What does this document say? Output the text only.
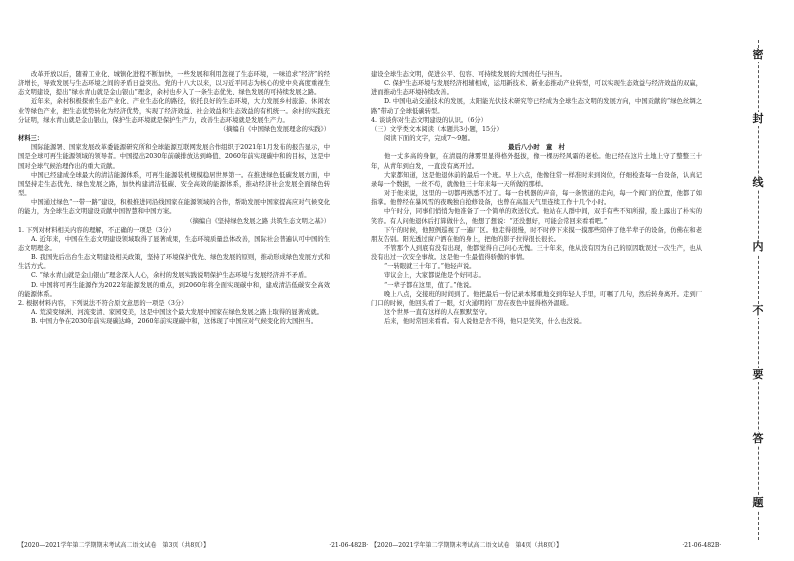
改革开放以后，随着工业化、城镇化进程不断加快，一些发展和利用忽视了生态环境，一味追求“经济”的经济增长，导致发展与生态环境之间的矛盾日益突出。党的十八大以来，以习近平同志为核心的党中央高度重视生态文明建设，提出“绿水青山就是金山银山”理念，余村也步入了一条生态优先、绿色发展的可持续发展之路。

近年来，余村积极探索生态产业化、产业生态化的路径，依托良好的生态环境，大力发展乡村旅游、休闲农业等绿色产业，把生态优势转化为经济优势，实现了经济效益、社会效益和生态效益的有机统一。余村的实践充分证明，绿水青山就是金山银山，保护生态环境就是保护生产力，改善生态环境就是发展生产力。

（摘编自《中国绿色发展理念的实践》）

材料三：

国际能源署、国家发展改革委能源研究所和全球能源互联网发展合作组织于2021年1月发布的报告显示，中国是全球可再生能源领域的领导者。中国提出2030年前碳排放达到峰值、2060年前实现碳中和的目标，这是中国对全球气候治理作出的重大贡献。

中国已经建成全球最大的清洁能源体系，可再生能源装机规模稳居世界第一。在推进绿色低碳发展方面，中国坚持走生态优先、绿色发展之路，加快构建清洁低碳、安全高效的能源体系，推动经济社会发展全面绿色转型。

中国通过绿色“一带一路”建设，积极推进同沿线国家在能源领域的合作，帮助发展中国家提高应对气候变化的能力，为全球生态文明建设贡献中国智慧和中国方案。

（摘编自《坚持绿色发展之路 共筑生态文明之基》）

1. 下列对材料相关内容的理解，不正确的一项是（3分）

A. 近年来，中国在生态文明建设领域取得了显著成果，生态环境质量总体改善，国际社会普遍认可中国的生态文明理念。

B. 我国先后出台生态文明建设相关政策，坚持了环境保护优先、绿色发展的原则，推动形成绿色发展方式和生活方式。

C. “绿水青山就是金山银山”理念深入人心，余村的发展实践说明保护生态环境与发展经济并不矛盾。

D. 中国将可再生能源作为2022年能源发展的重点，到2060年将全面实现碳中和，建成清洁低碳安全高效的能源体系。

2. 根据材料内容，下列说法不符合原文意思的一项是（3分）

A. 荒漠变绿洲、河流变清、家园变美，这是中国这个最大发展中国家在绿色发展之路上取得的显著成就。

B. 中国力争在2030年前实现碳达峰，2060年前实现碳中和，这体现了中国应对气候变化的大国担当。

建设全球生态文明，促进公平、包容、可持续发展的大国责任与担当。

C. 保护生态环境与发展经济相辅相成，运用新技术、新业态推动产业转型，可以实现生态效益与经济效益的双赢，进而推动生态环境持续改善。

D. 中国电动交通技术的发展，太阳能光伏技术研究等已经成为全球生态文明的发展方向，中国贡献的“绿色丝绸之路”带动了全球低碳转型。

4. 谈谈你对生态文明建设的认识。（6分）

（三）文学类文本阅读（本题共3小题，15分）

阅读下面的文字，完成7～9题。

最后八小时　童　村

他一丈多高的身躯，在清晨的薄雾里显得格外挺拔，像一棵历经风霜的老松。他已经在这片土地上守了整整三十年，从青年到白发，一直没有离开过。

大家都知道，这是他退休前的最后一个班。早上六点，他像往常一样准时来到岗位，仔细检查每一台设备，认真记录每一个数据，一丝不苟，就像他三十年来每一天所做的那样。

对于他来说，这里的一切都再熟悉不过了。每一台机器的声音，每一条管道的走向，每一个阀门的位置，他都了如指掌。他曾经在暴风雪的夜晚独自抢修设备，也曾在高温天气里连续工作十几个小时。

中午时分，同事们悄悄为他准备了一个简单的欢送仪式。他站在人群中间，双手有些不知所措，脸上露出了朴实的笑容。有人问他退休后打算做什么，他想了想说：“还没想好，可能会常回来看看吧。”

下午的时候，他照例巡视了一遍厂区。他走得很慢，时不时停下来摸一摸那些陪伴了他半辈子的设备，仿佛在和老朋友告别。阳光透过窗户洒在他的身上，把他的影子拉得很长很长。

不管那个人到底有没有出现，他都觉得自己问心无愧。三十年来，他从没有因为自己的原因耽误过一次生产，也从没有出过一次安全事故。这是他一生最值得骄傲的事情。

“一转眼就三十年了。”他轻声说。

审议会上，大家都说他是个好同志。

“一辈子都在这里，值了。”他说。

晚上八点，交接班的时间到了。他把最后一份记录本郑重地交到年轻人手里，叮嘱了几句，然后转身离开。走到厂门口的时候，他回头看了一眼，灯火通明的厂房在夜色中显得格外温暖。

这个世界一直有这样的人在默默坚守。

后来，他时常回来看看。有人说他是舍不得，他只是笑笑，什么也没说。

【2020—2021学年第二学期期末考试高二语文试卷　第3页（共8页）】	·21-06-482B· 【2020—2021学年第二学期期末考试高二语文试卷　第4页（共8页）】	·21-06-482B·
密
封
线
内
不
要
答
题
